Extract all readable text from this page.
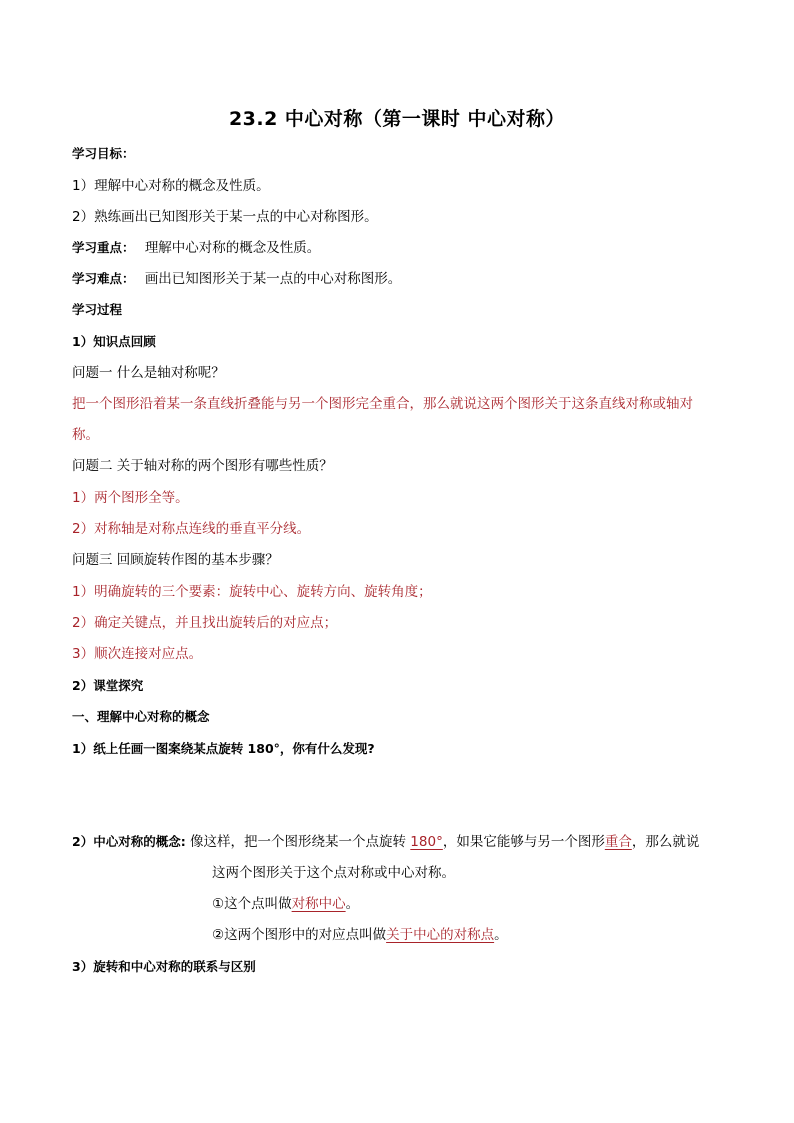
23.2 中心对称（第一课时 中心对称）
学习目标：
1）理解中心对称的概念及性质。
2）熟练画出已知图形关于某一点的中心对称图形。
学习重点： 理解中心对称的概念及性质。
学习难点： 画出已知图形关于某一点的中心对称图形。
学习过程
1）知识点回顾
问题一 什么是轴对称呢？
把一个图形沿着某一条直线折叠能与另一个图形完全重合，那么就说这两个图形关于这条直线对称或轴对
称。
问题二 关于轴对称的两个图形有哪些性质？
1）两个图形全等。
2）对称轴是对称点连线的垂直平分线。
问题三 回顾旋转作图的基本步骤？
1）明确旋转的三个要素：旋转中心、旋转方向、旋转角度；
2）确定关键点，并且找出旋转后的对应点；
3）顺次连接对应点。
2）课堂探究
一、理解中心对称的概念
1）纸上任画一图案绕某点旋转 180°，你有什么发现?
2）中心对称的概念: 像这样，把一个图形绕某一个点旋转 180°，如果它能够与另一个图形重合，那么就说
这两个图形关于这个点对称或中心对称。
①这个点叫做对称中心。
②这两个图形中的对应点叫做关于中心的对称点。
3）旋转和中心对称的联系与区别
